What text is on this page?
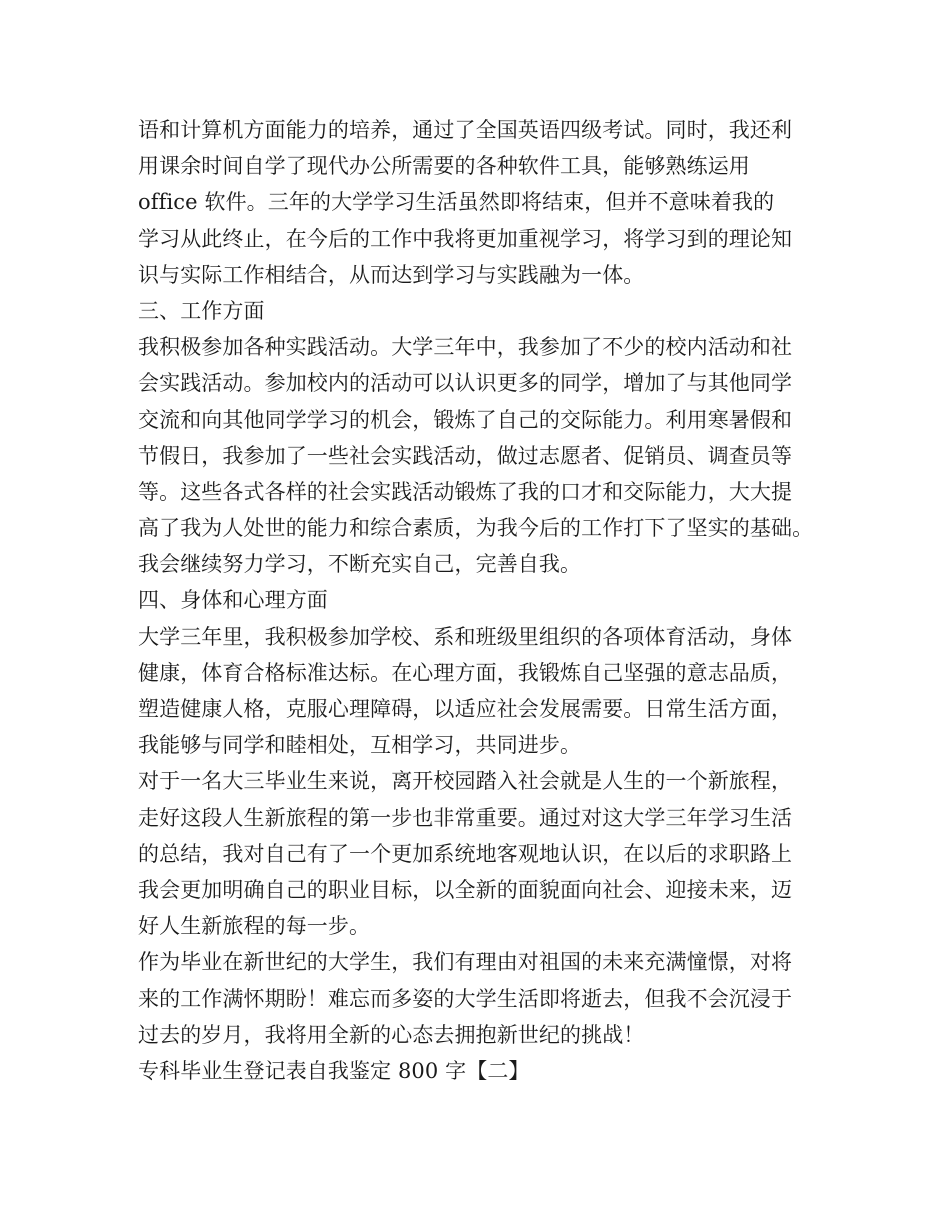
语和计算机方面能力的培养，通过了全国英语四级考试。同时，我还利
用课余时间自学了现代办公所需要的各种软件工具，能够熟练运用
office 软件。三年的大学学习生活虽然即将结束，但并不意味着我的
学习从此终止，在今后的工作中我将更加重视学习，将学习到的理论知
识与实际工作相结合，从而达到学习与实践融为一体。
三、工作方面
我积极参加各种实践活动。大学三年中，我参加了不少的校内活动和社
会实践活动。参加校内的活动可以认识更多的同学，增加了与其他同学
交流和向其他同学学习的机会，锻炼了自己的交际能力。利用寒暑假和
节假日，我参加了一些社会实践活动，做过志愿者、促销员、调查员等
等。这些各式各样的社会实践活动锻炼了我的口才和交际能力，大大提
高了我为人处世的能力和综合素质，为我今后的工作打下了坚实的基础。
我会继续努力学习，不断充实自己，完善自我。
四、身体和心理方面
大学三年里，我积极参加学校、系和班级里组织的各项体育活动，身体
健康，体育合格标准达标。在心理方面，我锻炼自己坚强的意志品质，
塑造健康人格，克服心理障碍，以适应社会发展需要。日常生活方面，
我能够与同学和睦相处，互相学习，共同进步。
对于一名大三毕业生来说，离开校园踏入社会就是人生的一个新旅程，
走好这段人生新旅程的第一步也非常重要。通过对这大学三年学习生活
的总结，我对自己有了一个更加系统地客观地认识，在以后的求职路上
我会更加明确自己的职业目标，以全新的面貌面向社会、迎接未来，迈
好人生新旅程的每一步。
作为毕业在新世纪的大学生，我们有理由对祖国的未来充满憧憬，对将
来的工作满怀期盼！难忘而多姿的大学生活即将逝去，但我不会沉浸于
过去的岁月，我将用全新的心态去拥抱新世纪的挑战！
专科毕业生登记表自我鉴定 800 字【二】
